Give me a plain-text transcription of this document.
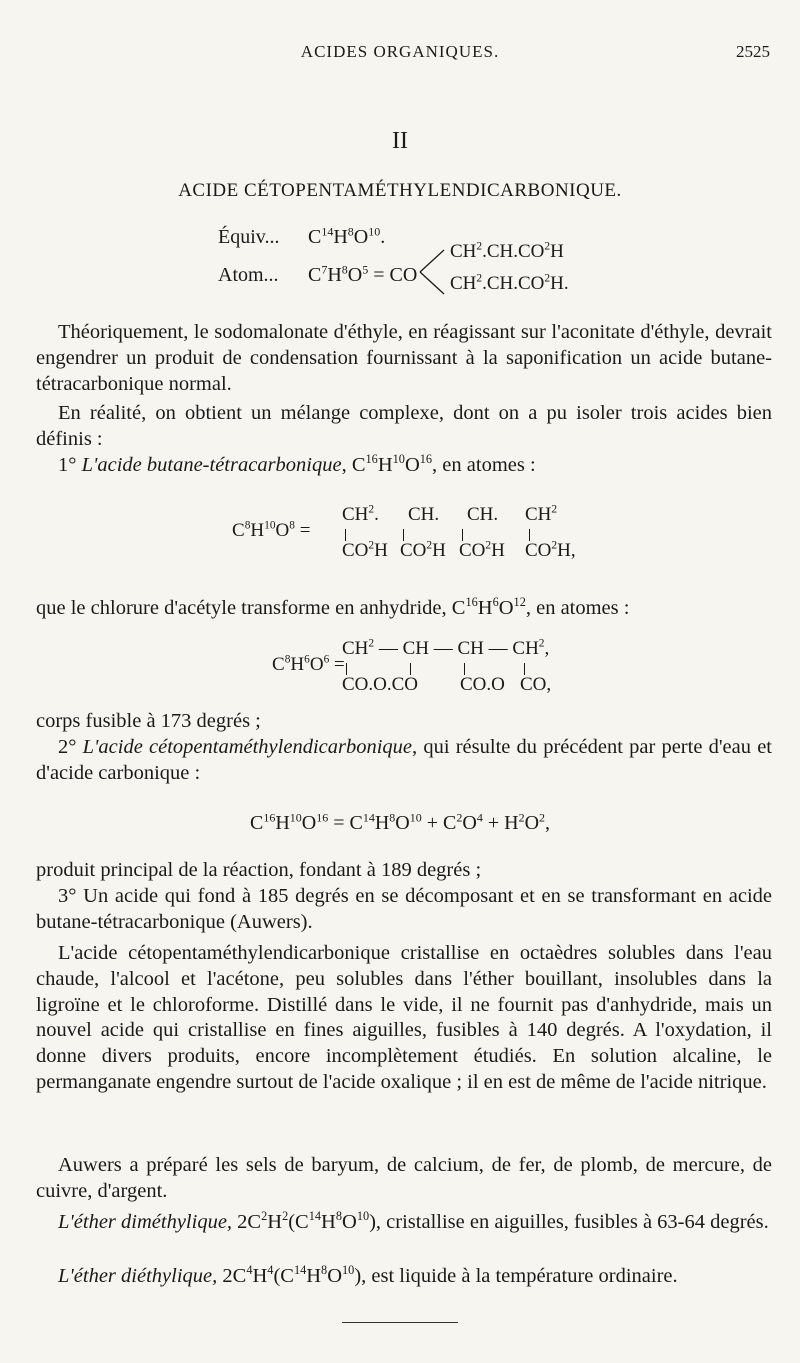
ACIDES ORGANIQUES.	2525
II
ACIDE CÉTOPENTAMÉTHYLENDICARBONIQUE.
Équiv... $C^{14}H^8O^{10}$.
Atom... $C^7H^8O^5$ = CO
$CH^2.CH.CO^2H$
$CH^2.CH.CO^2H$.

Théoriquement, le sodomalonate d'éthyle, en réagissant sur l'aconitate d'éthyle, devrait engendrer un produit de condensation fournissant à la saponification un acide butane-tétracarbonique normal.

En réalité, on obtient un mélange complexe, dont on a pu isoler trois acides bien définis :

1° L'acide butane-tétracarbonique, $C^{16}H^{10}O^{16}$, en atomes :

$C^8H^{10}O^8$ =
$CH^2$. CH. CH. $CH^2$
$CO^2H$ $CO^2H$ $CO^2H$ $CO^2H$,

que le chlorure d'acétyle transforme en anhydride, $C^{16}H^6O^{12}$, en atomes :

$C^8H^6O^6$ =
$CH^2$ — CH — CH — $CH^2$,
CO.O.CO CO.O CO,

corps fusible à 173 degrés ;

2° L'acide cétopentaméthylendicarbonique, qui résulte du précédent par perte d'eau et d'acide carbonique :

$C^{16}H^{10}O^{16} = C^{14}H^8O^{10} + C^2O^4 + H^2O^2$,

produit principal de la réaction, fondant à 189 degrés ;

3° Un acide qui fond à 185 degrés en se décomposant et en se transformant en acide butane-tétracarbonique (Auwers).

L'acide cétopentaméthylendicarbonique cristallise en octaèdres solubles dans l'eau chaude, l'alcool et l'acétone, peu solubles dans l'éther bouillant, insolubles dans la ligroïne et le chloroforme. Distillé dans le vide, il ne fournit pas d'anhydride, mais un nouvel acide qui cristallise en fines aiguilles, fusibles à 140 degrés. A l'oxydation, il donne divers produits, encore incomplètement étudiés. En solution alcaline, le permanganate engendre surtout de l'acide oxalique ; il en est de même de l'acide nitrique.

Auwers a préparé les sels de baryum, de calcium, de fer, de plomb, de mercure, de cuivre, d'argent.

L'éther diméthylique, $2C^2H^2(C^{14}H^8O^{10})$, cristallise en aiguilles, fusibles à 63-64 degrés.

L'éther diéthylique, $2C^4H^4(C^{14}H^8O^{10})$, est liquide à la température ordinaire.
